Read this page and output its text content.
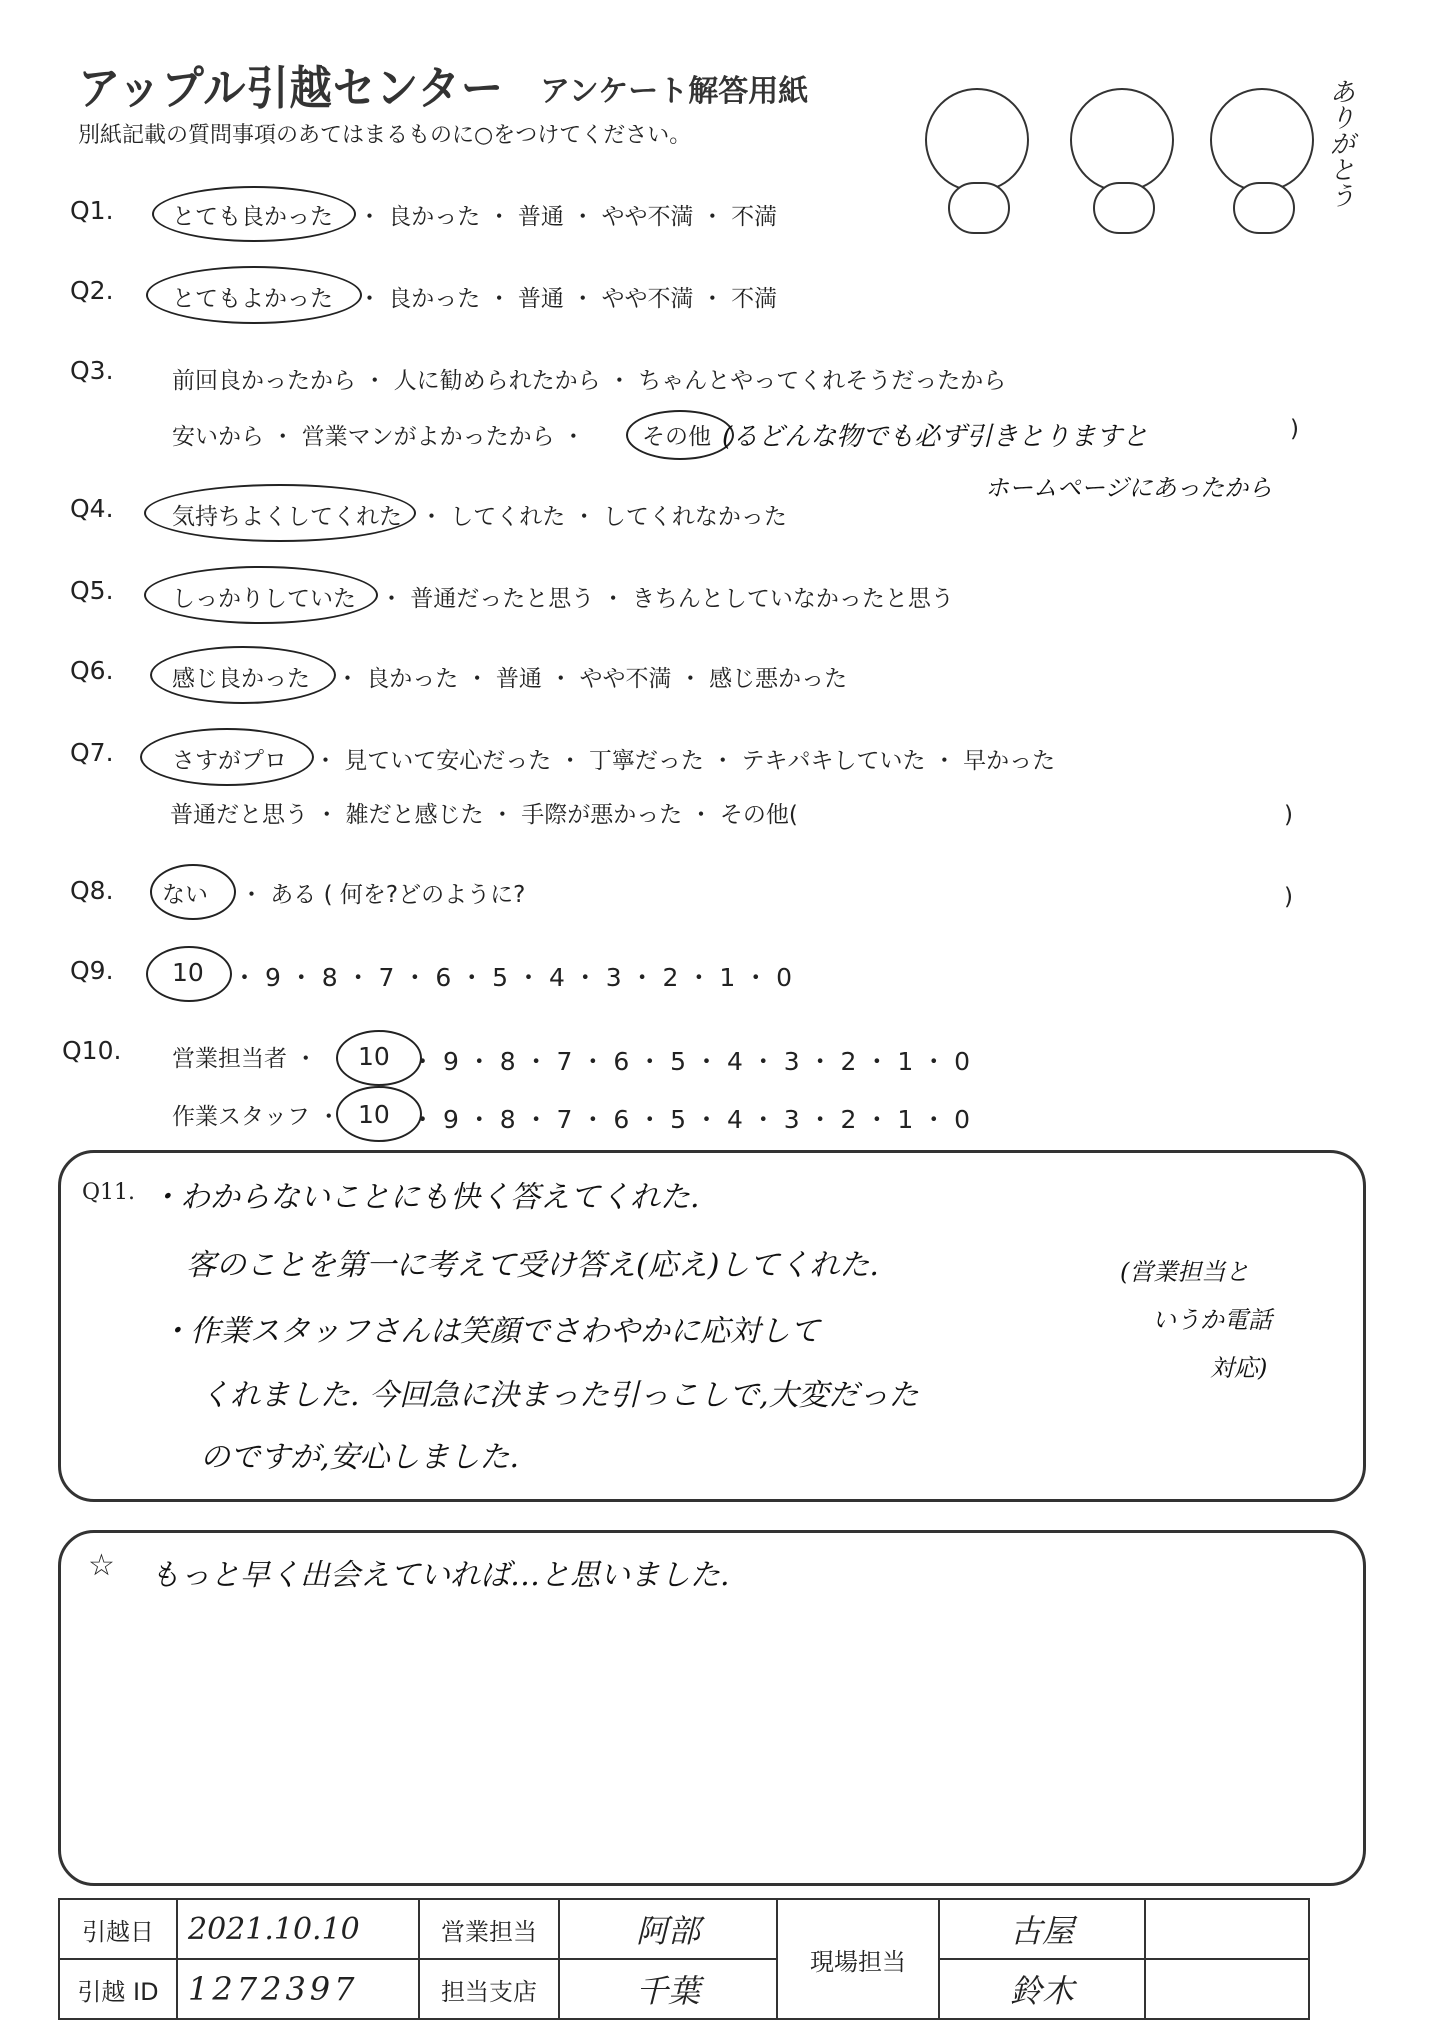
アップル引越センター アンケート解答用紙
別紙記載の質問事項のあてはまるものに○をつけてください。	ありがとう
Q1.	とても良かった ・ 良かった ・ 普通 ・ やや不満 ・ 不満
Q2.	とてもよかった ・ 良かった ・ 普通 ・ やや不満 ・ 不満
Q3.	前回良かったから ・ 人に勧められたから ・ ちゃんとやってくれそうだったから
安いから ・ 営業マンがよかったから ・ その他 (るどんな物でも必ず引きとりますと	)
ホームページにあったから
Q4.	気持ちよくしてくれた ・ してくれた ・ してくれなかった
Q5.	しっかりしていた ・ 普通だったと思う ・ きちんとしていなかったと思う
Q6.	感じ良かった ・ 良かった ・ 普通 ・ やや不満 ・ 感じ悪かった
Q7.	さすがプロ ・ 見ていて安心だった ・ 丁寧だった ・ テキパキしていた ・ 早かった
普通だと思う ・ 雑だと感じた ・ 手際が悪かった ・ その他(	)
Q8. ない ・ ある ( 何を?どのように?	)
Q9. 10 ・ 9 ・ 8 ・ 7 ・ 6 ・ 5 ・ 4 ・ 3 ・ 2 ・ 1 ・ 0
Q10. 営業担当者 ・ 10 ・ 9 ・ 8 ・ 7 ・ 6 ・ 5 ・ 4 ・ 3 ・ 2 ・ 1 ・ 0
作業スタッフ ・ 10 ・ 9 ・ 8 ・ 7 ・ 6 ・ 5 ・ 4 ・ 3 ・ 2 ・ 1 ・ 0
Q11. ・わからないことにも快く答えてくれた.
客のことを第一に考えて受け答え(応え)してくれた.
・作業スタッフさんは笑顔でさわやかに応対して
くれました. 今回急に決まった引っこしで,大変だった
のですが,安心しました.
(営業担当と
いうか電話
対応)
☆ もっと早く出会えていれば…と思いました.
引越日	2021.10.10	営業担当	阿部	現場担当	古屋	
引越 ID	1272397	担当支店	千葉		鈴木	
